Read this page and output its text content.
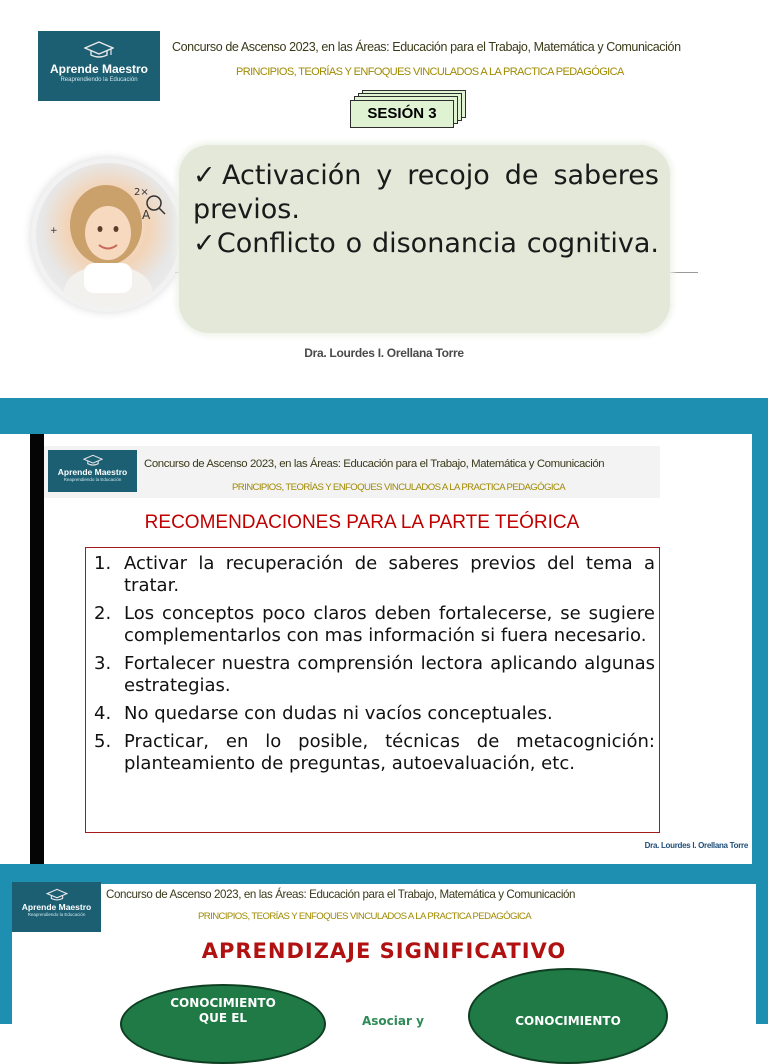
Aprende Maestro
Reaprendiendo la Educación
Concurso de Ascenso 2023, en las Áreas: Educación para el Trabajo, Matemática y Comunicación
PRINCIPIOS, TEORÍAS Y ENFOQUES VINCULADOS A LA PRACTICA PEDAGÓGICA
SESIÓN 3
2×
A
+
✓Activación y recojo de saberes previos.
✓Conflicto o disonancia cognitiva.
Dra. Lourdes I. Orellana Torre
Aprende Maestro
Reaprendiendo la Educación
Concurso de Ascenso 2023, en las Áreas: Educación para el Trabajo, Matemática y Comunicación
PRINCIPIOS, TEORÍAS Y ENFOQUES VINCULADOS A LA PRACTICA PEDAGÓGICA
RECOMENDACIONES PARA LA PARTE TEÓRICA
1. Activar la recuperación de saberes previos del tema a tratar.
2. Los conceptos poco claros deben fortalecerse, se sugiere complementarlos con mas información si fuera necesario.
3. Fortalecer nuestra comprensión lectora aplicando algunas estrategias.
4. No quedarse con dudas ni vacíos conceptuales.
5. Practicar, en lo posible, técnicas de metacognición: planteamiento de preguntas, autoevaluación, etc.
Dra. Lourdes I. Orellana Torre
Aprende Maestro
Reaprendiendo la Educación
Concurso de Ascenso 2023, en las Áreas: Educación para el Trabajo, Matemática y Comunicación
PRINCIPIOS, TEORÍAS Y ENFOQUES VINCULADOS A LA PRACTICA PEDAGÓGICA
APRENDIZAJE SIGNIFICATIVO
CONOCIMIENTO QUE EL	Asociar y	CONOCIMIENTO
